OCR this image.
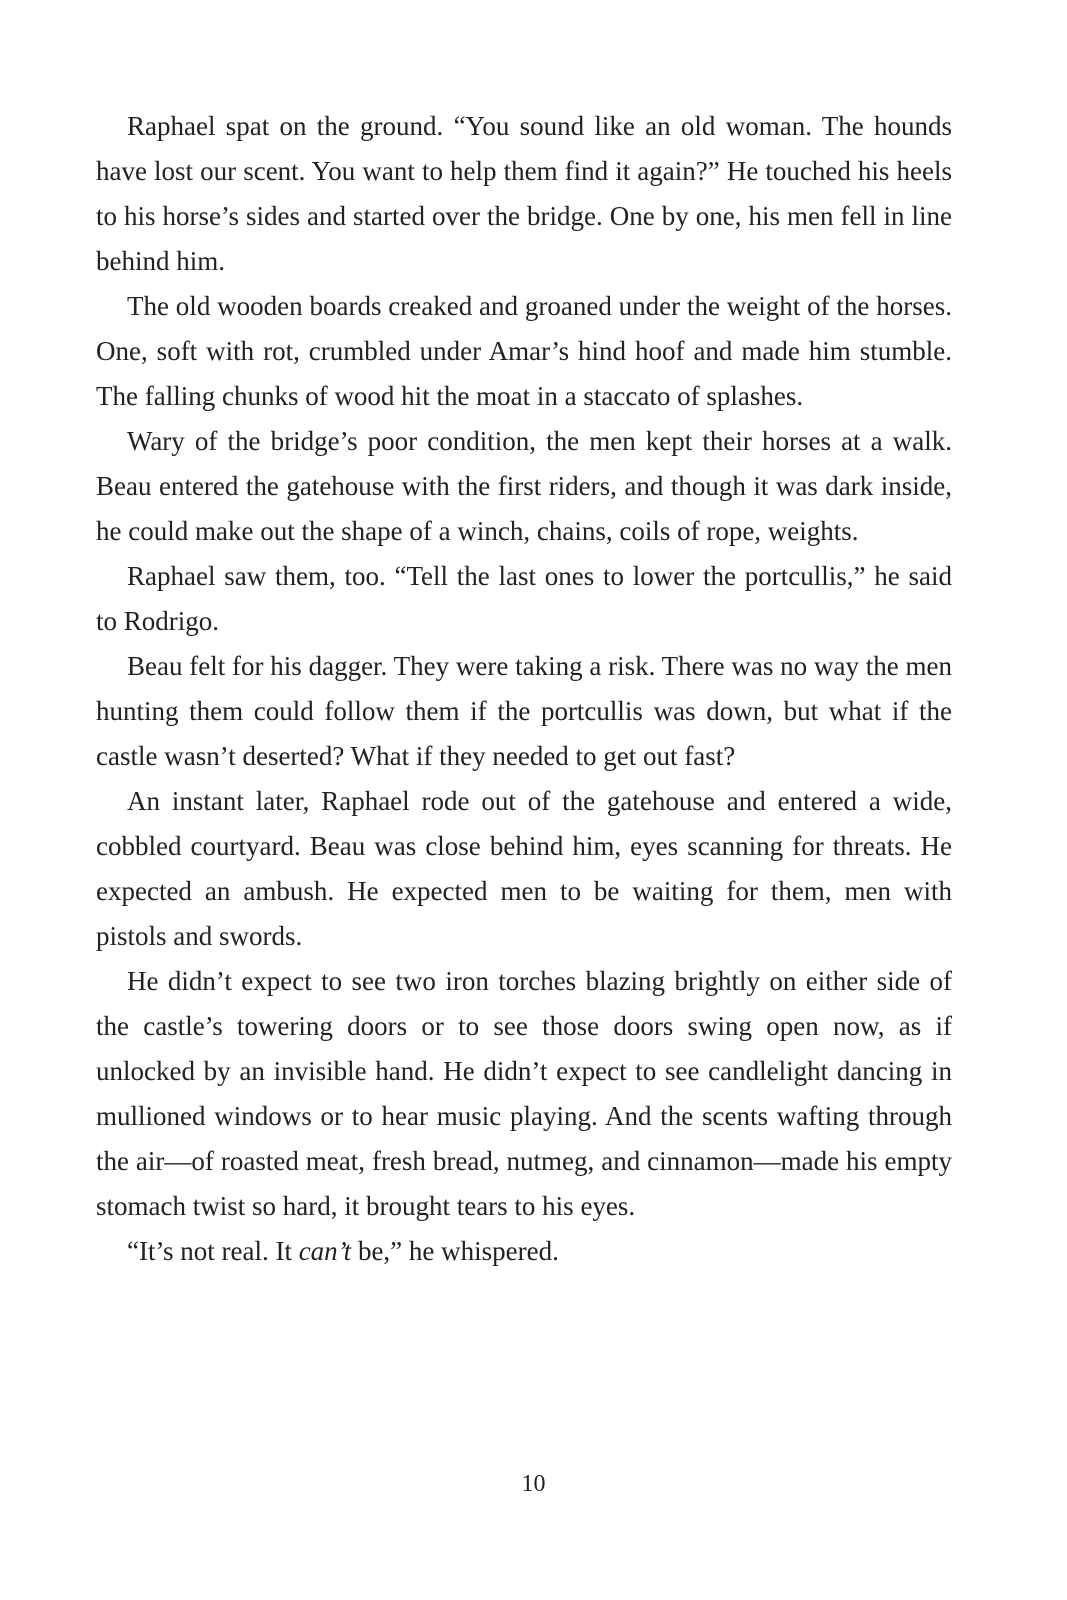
Raphael spat on the ground. “You sound like an old woman. The hounds have lost our scent. You want to help them find it again?” He touched his heels to his horse’s sides and started over the bridge. One by one, his men fell in line behind him.

The old wooden boards creaked and groaned under the weight of the horses. One, soft with rot, crumbled under Amar’s hind hoof and made him stumble. The falling chunks of wood hit the moat in a staccato of splashes.

Wary of the bridge’s poor condition, the men kept their horses at a walk. Beau entered the gatehouse with the first riders, and though it was dark inside, he could make out the shape of a winch, chains, coils of rope, weights.

Raphael saw them, too. “Tell the last ones to lower the portcullis,” he said to Rodrigo.

Beau felt for his dagger. They were taking a risk. There was no way the men hunting them could follow them if the portcullis was down, but what if the castle wasn’t deserted? What if they needed to get out fast?

An instant later, Raphael rode out of the gatehouse and entered a wide, cobbled courtyard. Beau was close behind him, eyes scanning for threats. He expected an ambush. He expected men to be waiting for them, men with pistols and swords.

He didn’t expect to see two iron torches blazing brightly on either side of the castle’s towering doors or to see those doors swing open now, as if unlocked by an invisible hand. He didn’t expect to see candlelight dancing in mullioned windows or to hear music playing. And the scents wafting through the air—of roasted meat, fresh bread, nutmeg, and cinnamon—made his empty stomach twist so hard, it brought tears to his eyes.

“It’s not real. It can’t be,” he whispered.

10
